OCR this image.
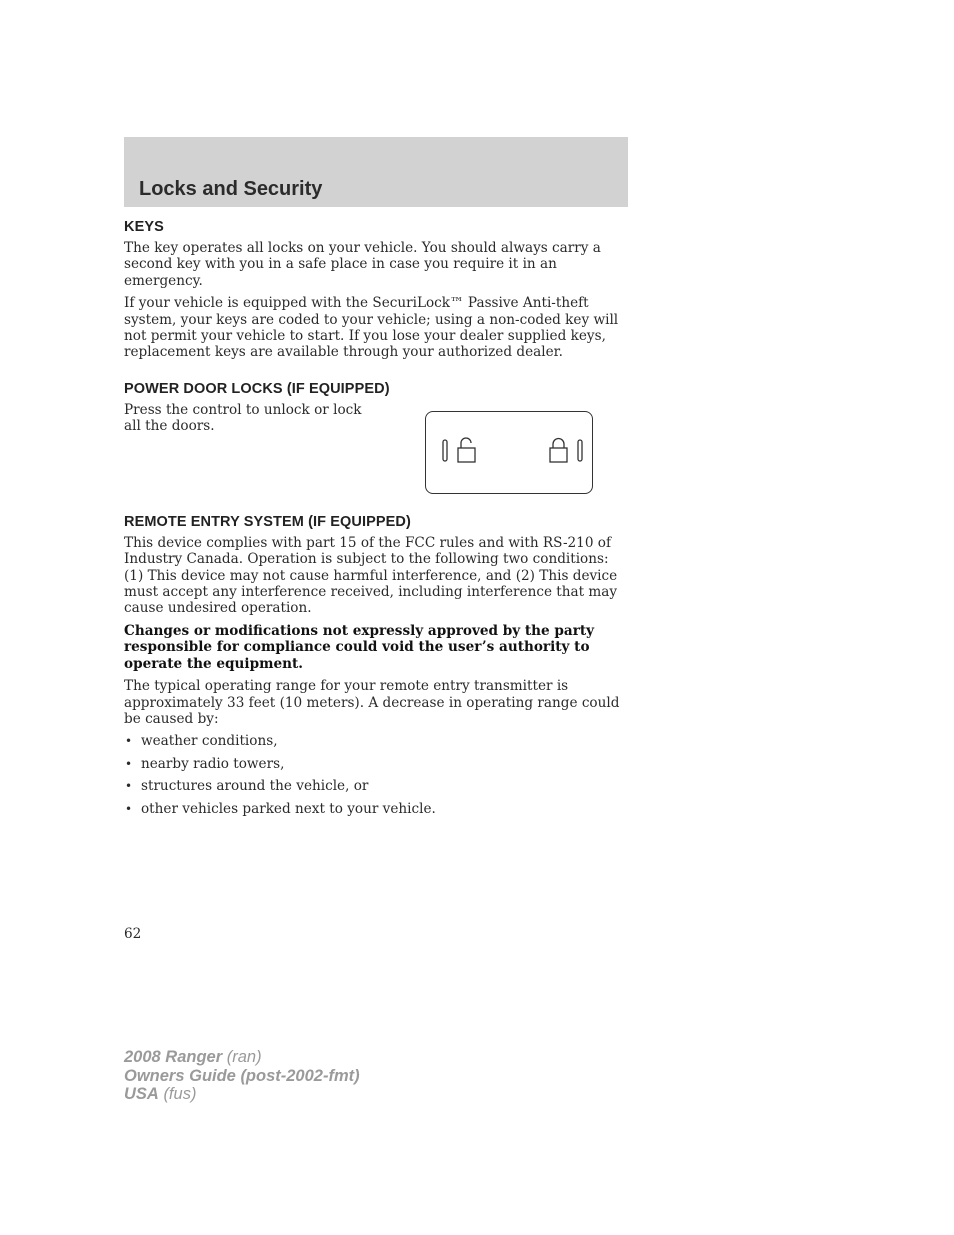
Locks and Security
KEYS

The key operates all locks on your vehicle. You should always carry a second key with you in a safe place in case you require it in an emergency.

If your vehicle is equipped with the SecuriLock™ Passive Anti-theft system, your keys are coded to your vehicle; using a non-coded key will not permit your vehicle to start. If you lose your dealer supplied keys, replacement keys are available through your authorized dealer.

POWER DOOR LOCKS (IF EQUIPPED)

Press the control to unlock or lock all the doors.

REMOTE ENTRY SYSTEM (IF EQUIPPED)

This device complies with part 15 of the FCC rules and with RS-210 of Industry Canada. Operation is subject to the following two conditions: (1) This device may not cause harmful interference, and (2) This device must accept any interference received, including interference that may cause undesired operation.

Changes or modifications not expressly approved by the party responsible for compliance could void the user’s authority to operate the equipment.

The typical operating range for your remote entry transmitter is approximately 33 feet (10 meters). A decrease in operating range could be caused by:

• weather conditions,
• nearby radio towers,
• structures around the vehicle, or
• other vehicles parked next to your vehicle.
62
2008 Ranger (ran)
Owners Guide (post-2002-fmt)
USA (fus)
